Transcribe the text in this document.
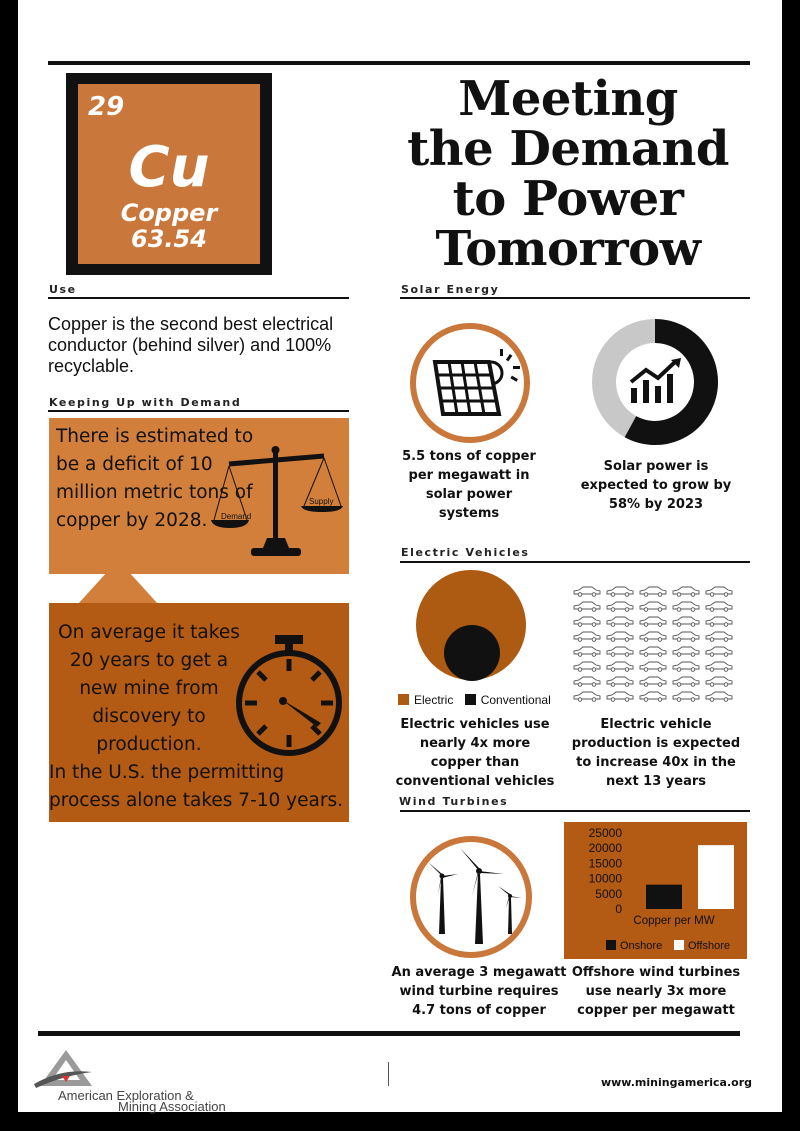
29
Cu
Copper
63.54
Meeting
the Demand
to Power
Tomorrow
Use
Copper is the second best electrical conductor (behind silver) and 100% recyclable.
Keeping Up with Demand
There is estimated to be a deficit of 10 million metric tons of copper by 2028.	Demand
Supply
On average it takes 20 years to get a new mine from discovery to production.
In the U.S. the permitting process alone takes 7-10 years.
Solar Energy
5.5 tons of copper per megawatt in solar power systems
Solar power is expected to grow by 58% by 2023
Electric Vehicles
Electric Conventional
Electric vehicles use nearly 4x more copper than conventional vehicles
Electric vehicle production is expected to increase 40x in the next 13 years
Wind Turbines
An average 3 megawatt wind turbine requires 4.7 tons of copper
25000
20000
15000
10000
5000
0
Copper per MW
Onshore Offshore
Offshore wind turbines use nearly 3x more copper per megawatt
American Exploration &
Mining Association
www.miningamerica.org
